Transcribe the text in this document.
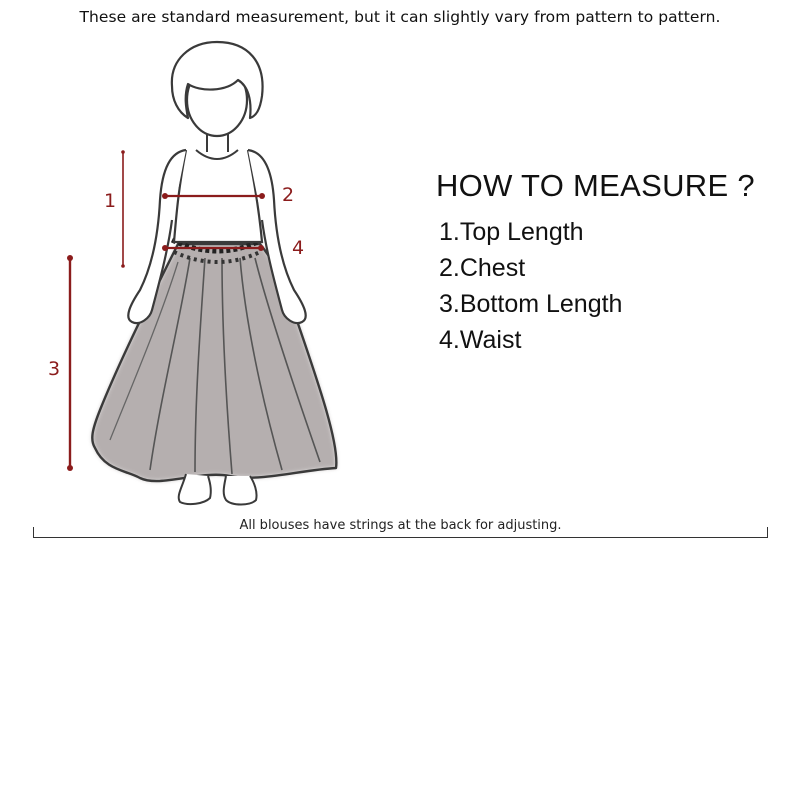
These are standard measurement, but it can slightly vary from pattern to pattern.
1	2
4
3
HOW TO MEASURE ?
1.Top Length
2.Chest
3.Bottom Length
4.Waist
All blouses have strings at the back for adjusting.
